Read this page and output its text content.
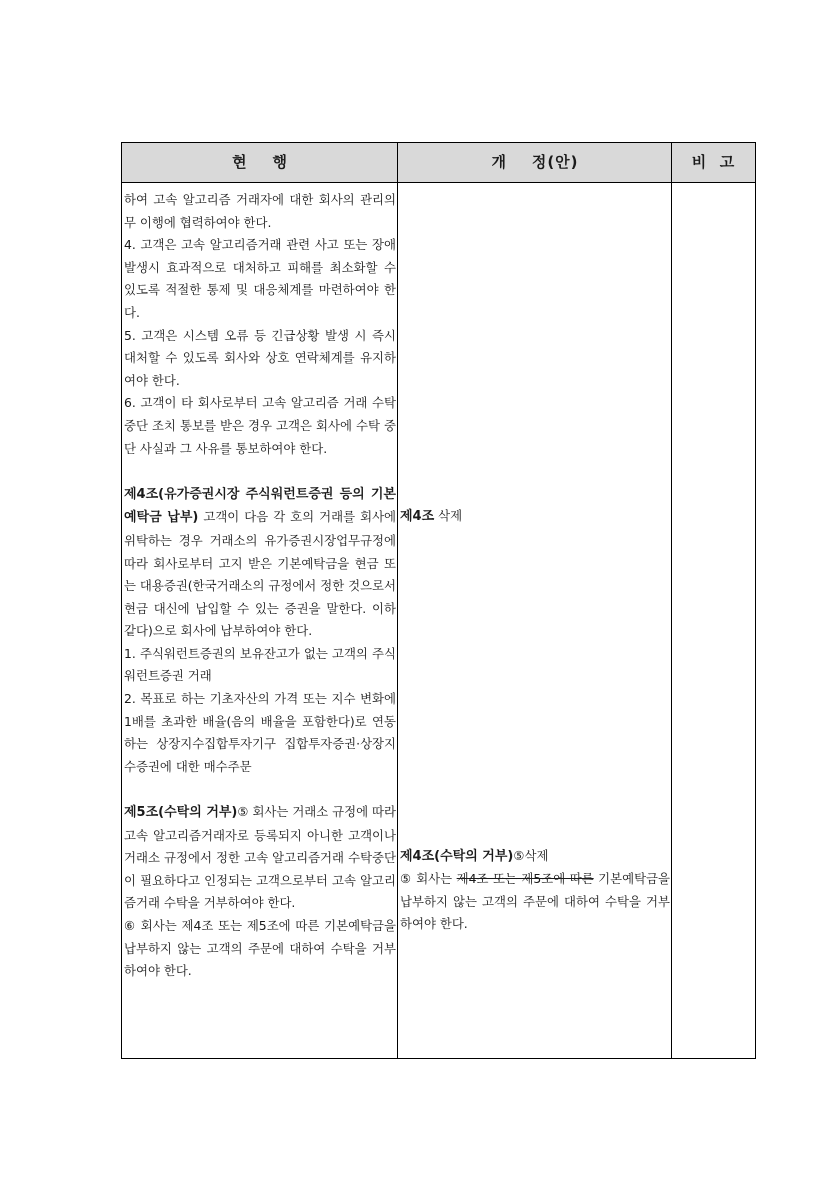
현    행	개    정(안)	비  고
하여 고속 알고리즘 거래자에 대한 회사의 관리의무 이행에 협력하여야 한다.
4. 고객은 고속 알고리즘거래 관련 사고 또는 장애 발생시 효과적으로 대처하고 피해를 최소화할 수 있도록 적절한 통제 및 대응체계를 마련하여야 한다.
5. 고객은 시스템 오류 등 긴급상황 발생 시 즉시 대처할 수 있도록 회사와 상호 연락체계를 유지하여야 한다.
6. 고객이 타 회사로부터 고속 알고리즘 거래 수탁 중단 조치 통보를 받은 경우 고객은 회사에 수탁 중단 사실과 그 사유를 통보하여야 한다.
제4조(유가증권시장 주식워런트증권 등의 기본예탁금 납부) 고객이 다음 각 호의 거래를 회사에 위탁하는 경우 거래소의 유가증권시장업무규정에 따라 회사로부터 고지 받은 기본예탁금을 현금 또는 대용증권(한국거래소의 규정에서 정한 것으로서 현금 대신에 납입할 수 있는 증권을 말한다. 이하 같다)으로 회사에 납부하여야 한다.
1. 주식워런트증권의 보유잔고가 없는 고객의 주식워런트증권 거래
2. 목표로 하는 기초자산의 가격 또는 지수 변화에 1배를 초과한 배율(음의 배율을 포함한다)로 연동하는 상장지수집합투자기구 집합투자증권·상장지수증권에 대한 매수주문
제5조(수탁의 거부)⑤ 회사는 거래소 규정에 따라 고속 알고리즘거래자로 등록되지 아니한 고객이나 거래소 규정에서 정한 고속 알고리즘거래 수탁중단이 필요하다고 인정되는 고객으로부터 고속 알고리즘거래 수탁을 거부하여야 한다.
⑥ 회사는 제4조 또는 제5조에 따른 기본예탁금을 납부하지 않는 고객의 주문에 대하여 수탁을 거부하여야 한다.
제4조 삭제
제4조(수탁의 거부)⑤삭제
⑤ 회사는 제4조 또는 제5조에 따른 기본예탁금을 납부하지 않는 고객의 주문에 대하여 수탁을 거부하여야 한다.
